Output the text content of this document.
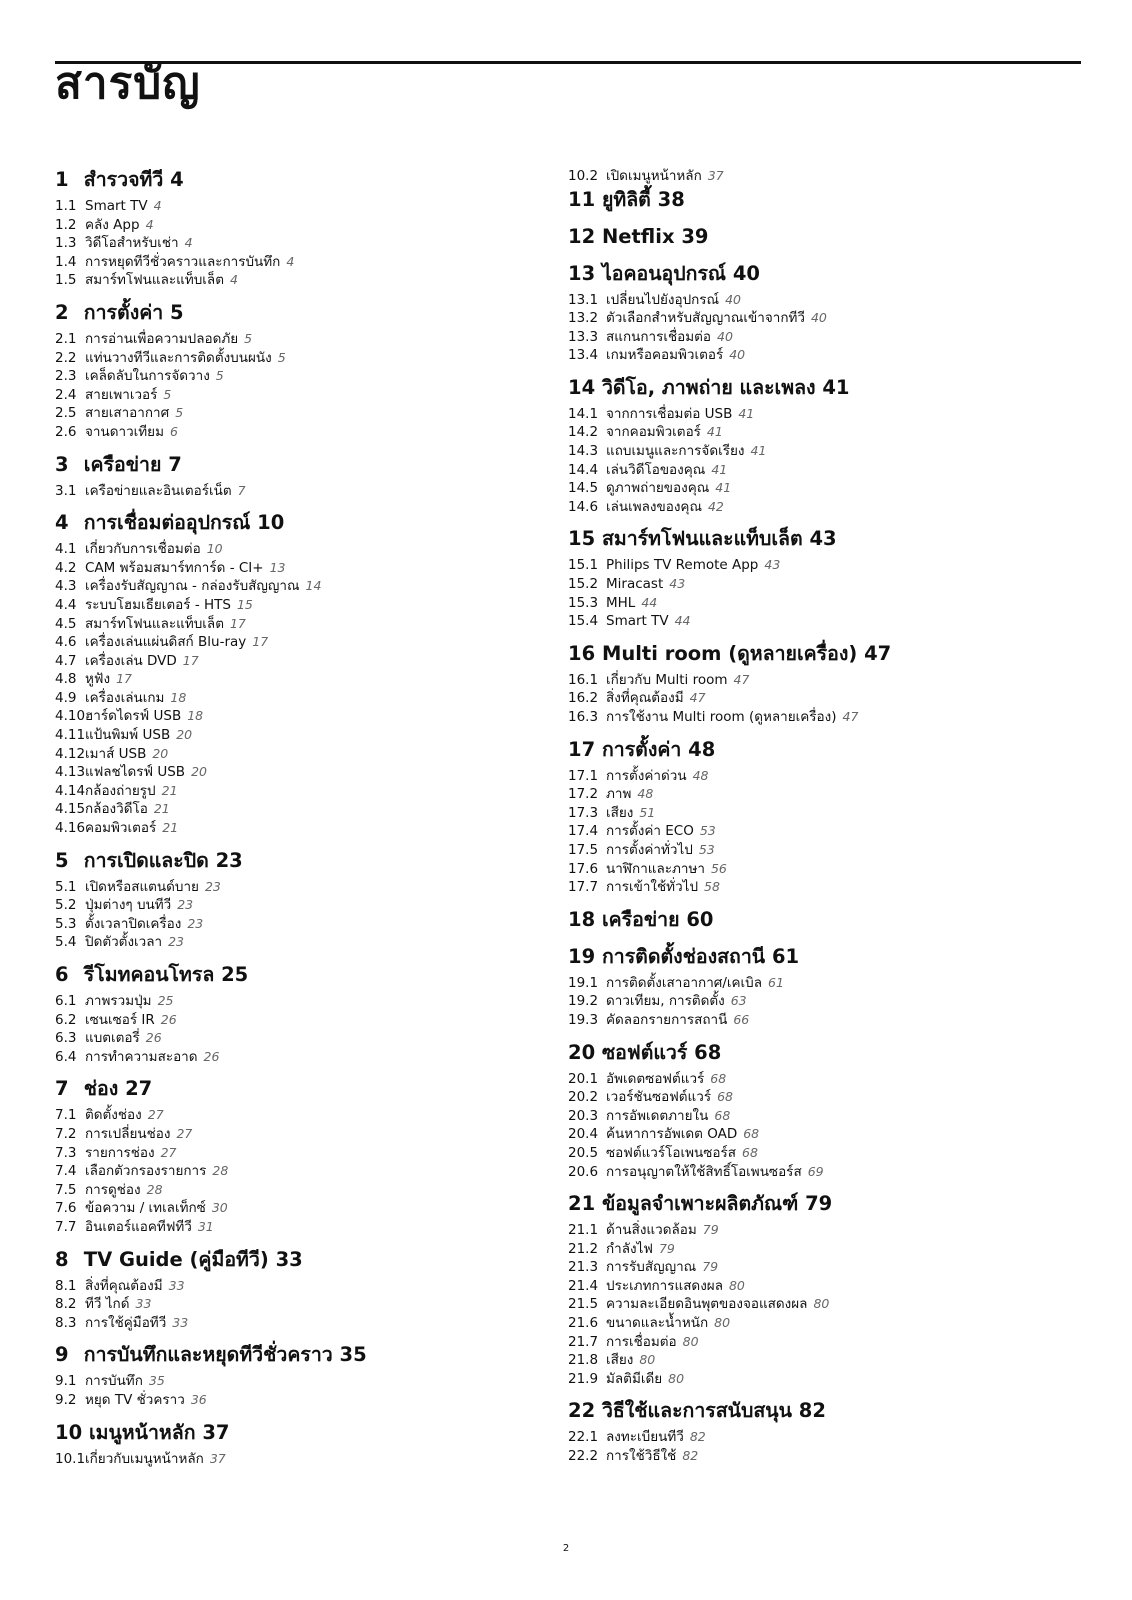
สารบัญ
1 สำรวจทีวี 4
1.1 Smart TV 4
1.2 คลัง App 4
1.3 วิดีโอสำหรับเช่า 4
1.4 การหยุดทีวีชั่วคราวและการบันทึก 4
1.5 สมาร์ทโฟนและแท็บเล็ต 4
2 การตั้งค่า 5
2.1 การอ่านเพื่อความปลอดภัย 5
2.2 แท่นวางทีวีและการติดตั้งบนผนัง 5
2.3 เคล็ดลับในการจัดวาง 5
2.4 สายเพาเวอร์ 5
2.5 สายเสาอากาศ 5
2.6 จานดาวเทียม 6
3 เครือข่าย 7
3.1 เครือข่ายและอินเตอร์เน็ต 7
4 การเชื่อมต่ออุปกรณ์ 10
4.1 เกี่ยวกับการเชื่อมต่อ 10
4.2 CAM พร้อมสมาร์ทการ์ด - CI+ 13
4.3 เครื่องรับสัญญาณ - กล่องรับสัญญาณ 14
4.4 ระบบโฮมเธียเตอร์ - HTS 15
4.5 สมาร์ทโฟนและแท็บเล็ต 17
4.6 เครื่องเล่นแผ่นดิสก์ Blu-ray 17
4.7 เครื่องเล่น DVD 17
4.8 หูฟัง 17
4.9 เครื่องเล่นเกม 18
4.10ฮาร์ดไดรฟ์ USB 18
4.11แป้นพิมพ์ USB 20
4.12เมาส์ USB 20
4.13แฟลชไดรฟ์ USB 20
4.14กล้องถ่ายรูป 21
4.15กล้องวิดีโอ 21
4.16คอมพิวเตอร์ 21
5 การเปิดและปิด 23
5.1 เปิดหรือสแตนด์บาย 23
5.2 ปุ่มต่างๆ บนทีวี 23
5.3 ตั้งเวลาปิดเครื่อง 23
5.4 ปิดตัวตั้งเวลา 23
6 รีโมทคอนโทรล 25
6.1 ภาพรวมปุ่ม 25
6.2 เซนเซอร์ IR 26
6.3 แบตเตอรี่ 26
6.4 การทำความสะอาด 26
7 ช่อง 27
7.1 ติดตั้งช่อง 27
7.2 การเปลี่ยนช่อง 27
7.3 รายการช่อง 27
7.4 เลือกตัวกรองรายการ 28
7.5 การดูช่อง 28
7.6 ข้อความ / เทเลเท็กซ์ 30
7.7 อินเตอร์แอคทีฟทีวี 31
8 TV Guide (คู่มือทีวี) 33
8.1 สิ่งที่คุณต้องมี 33
8.2 ทีวี ไกด์ 33
8.3 การใช้คู่มือทีวี 33
9 การบันทึกและหยุดทีวีชั่วคราว 35
9.1 การบันทึก 35
9.2 หยุด TV ชั่วคราว 36
10 เมนูหน้าหลัก 37
10.1เกี่ยวกับเมนูหน้าหลัก 37
10.2 เปิดเมนูหน้าหลัก 37
11 ยูทิลิตี้ 38
12 Netflix 39
13 ไอคอนอุปกรณ์ 40
13.1 เปลี่ยนไปยังอุปกรณ์ 40
13.2 ตัวเลือกสำหรับสัญญาณเข้าจากทีวี 40
13.3 สแกนการเชื่อมต่อ 40
13.4 เกมหรือคอมพิวเตอร์ 40
14 วิดีโอ, ภาพถ่าย และเพลง 41
14.1 จากการเชื่อมต่อ USB 41
14.2 จากคอมพิวเตอร์ 41
14.3 แถบเมนูและการจัดเรียง 41
14.4 เล่นวิดีโอของคุณ 41
14.5 ดูภาพถ่ายของคุณ 41
14.6 เล่นเพลงของคุณ 42
15 สมาร์ทโฟนและแท็บเล็ต 43
15.1 Philips TV Remote App 43
15.2 Miracast 43
15.3 MHL 44
15.4 Smart TV 44
16 Multi room (ดูหลายเครื่อง) 47
16.1 เกี่ยวกับ Multi room 47
16.2 สิ่งที่คุณต้องมี 47
16.3 การใช้งาน Multi room (ดูหลายเครื่อง) 47
17 การตั้งค่า 48
17.1 การตั้งค่าด่วน 48
17.2 ภาพ 48
17.3 เสียง 51
17.4 การตั้งค่า ECO 53
17.5 การตั้งค่าทั่วไป 53
17.6 นาฬิกาและภาษา 56
17.7 การเข้าใช้ทั่วไป 58
18 เครือข่าย 60
19 การติดตั้งช่องสถานี 61
19.1 การติดตั้งเสาอากาศ/เคเบิล 61
19.2 ดาวเทียม, การติดตั้ง 63
19.3 คัดลอกรายการสถานี 66
20 ซอฟต์แวร์ 68
20.1 อัพเดตซอฟต์แวร์ 68
20.2 เวอร์ชันซอฟต์แวร์ 68
20.3 การอัพเดตภายใน 68
20.4 ค้นหาการอัพเดต OAD 68
20.5 ซอฟต์แวร์โอเพนซอร์ส 68
20.6 การอนุญาตให้ใช้สิทธิ์โอเพนซอร์ส 69
21 ข้อมูลจำเพาะผลิตภัณฑ์ 79
21.1 ด้านสิ่งแวดล้อม 79
21.2 กำลังไฟ 79
21.3 การรับสัญญาณ 79
21.4 ประเภทการแสดงผล 80
21.5 ความละเอียดอินพุตของจอแสดงผล 80
21.6 ขนาดและน้ำหนัก 80
21.7 การเชื่อมต่อ 80
21.8 เสียง 80
21.9 มัลติมีเดีย 80
22 วิธีใช้และการสนับสนุน 82
22.1 ลงทะเบียนทีวี 82
22.2 การใช้วิธีใช้ 82
2
